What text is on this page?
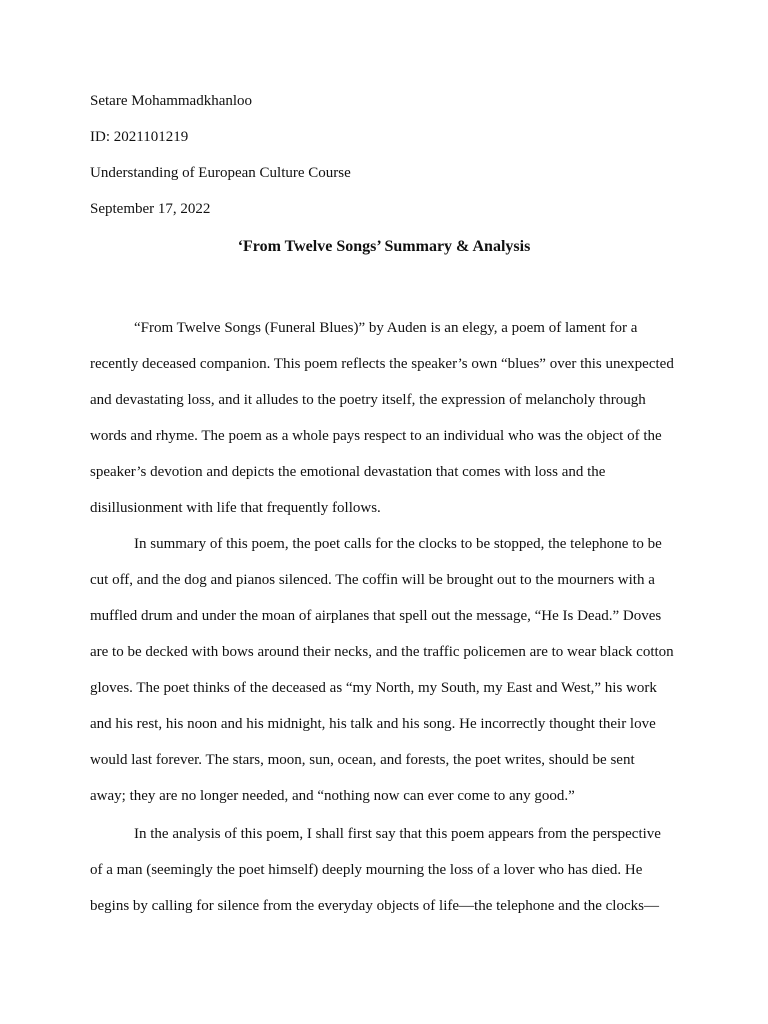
Setare Mohammadkhanloo
ID: 2021101219
Understanding of European Culture Course
September 17, 2022
‘From Twelve Songs’ Summary & Analysis
“From Twelve Songs (Funeral Blues)” by Auden is an elegy, a poem of lament for a
recently deceased companion. This poem reflects the speaker’s own “blues” over this unexpected
and devastating loss, and it alludes to the poetry itself, the expression of melancholy through
words and rhyme. The poem as a whole pays respect to an individual who was the object of the
speaker’s devotion and depicts the emotional devastation that comes with loss and the
disillusionment with life that frequently follows.
In summary of this poem, the poet calls for the clocks to be stopped, the telephone to be
cut off, and the dog and pianos silenced. The coffin will be brought out to the mourners with a
muffled drum and under the moan of airplanes that spell out the message, “He Is Dead.” Doves
are to be decked with bows around their necks, and the traffic policemen are to wear black cotton
gloves. The poet thinks of the deceased as “my North, my South, my East and West,” his work
and his rest, his noon and his midnight, his talk and his song. He incorrectly thought their love
would last forever. The stars, moon, sun, ocean, and forests, the poet writes, should be sent
away; they are no longer needed, and “nothing now can ever come to any good.”
In the analysis of this poem, I shall first say that this poem appears from the perspective
of a man (seemingly the poet himself) deeply mourning the loss of a lover who has died. He
begins by calling for silence from the everyday objects of life—the telephone and the clocks—
